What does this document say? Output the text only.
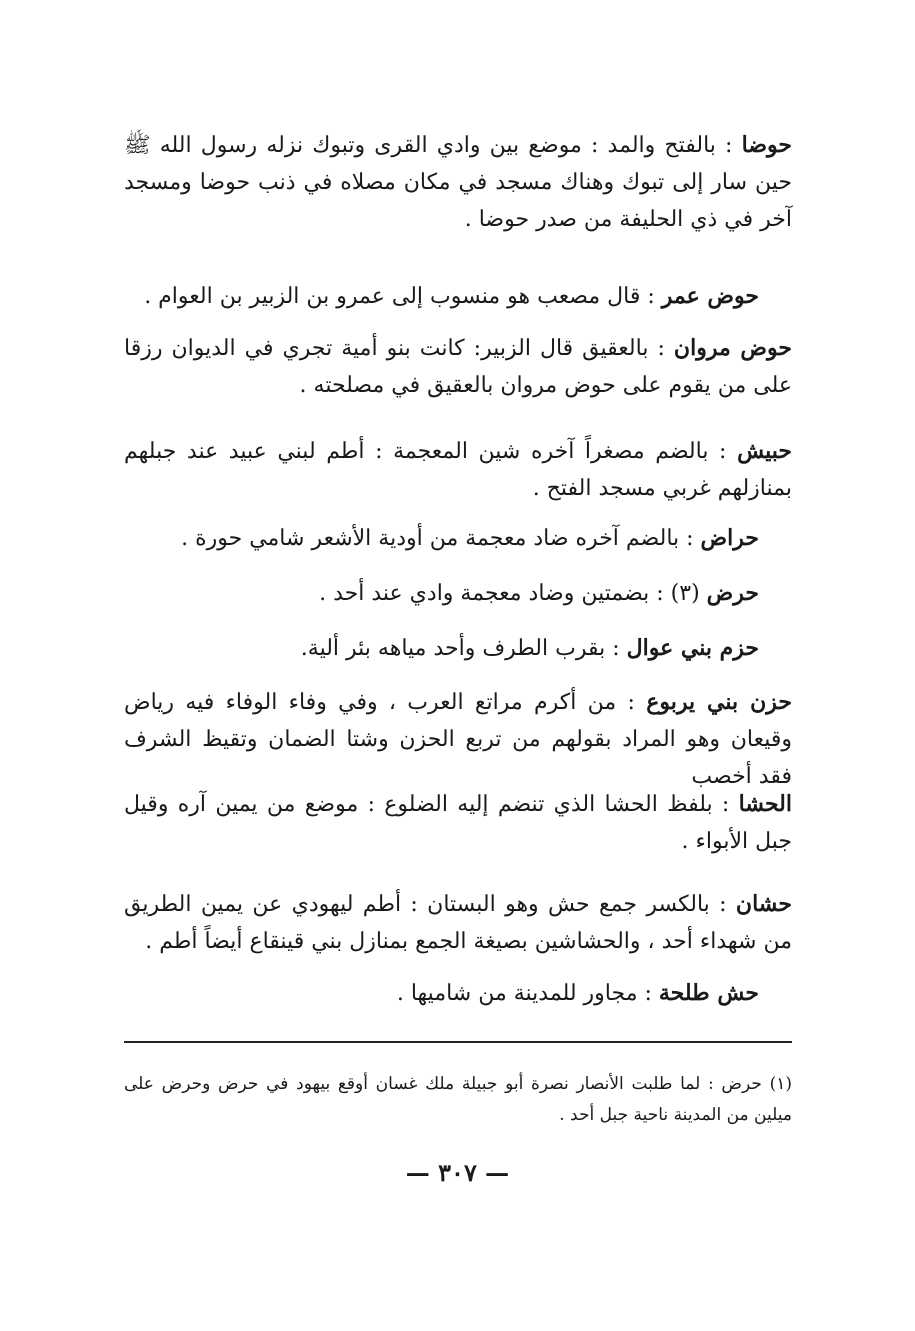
حوضا : بالفتح والمد : موضع بين وادي القرى وتبوك نزله رسول الله ﷺ حين سار إلى تبوك وهناك مسجد في مكان مصلاه في ذنب حوضا ومسجد آخر في ذي الحليفة من صدر حوضا .

حوض عمر : قال مصعب هو منسوب إلى عمرو بن الزبير بن العوام .

حوض مروان : بالعقيق قال الزبير: كانت بنو أمية تجري في الديوان رزقا على من يقوم على حوض مروان بالعقيق في مصلحته .

حبيش : بالضم مصغراً آخره شين المعجمة : أطم لبني عبيد عند جبلهم بمنازلهم غربي مسجد الفتح .

حراض : بالضم آخره ضاد معجمة من أودية الأشعر شامي حورة .

حرض (٣) : بضمتين وضاد معجمة وادي عند أحد .

حزم بني عوال : بقرب الطرف وأحد مياهه بئر ألية.

حزن بني يربوع : من أكرم مراتع العرب ، وفي وفاء الوفاء فيه رياض وقيعان وهو المراد بقولهم من تربع الحزن وشتا الضمان وتقيظ الشرف فقد أخصب

الحشا : بلفظ الحشا الذي تنضم إليه الضلوع : موضع من يمين آره وقيل جبل الأبواء .

حشان : بالكسر جمع حش وهو البستان : أطم ليهودي عن يمين الطريق من شهداء أحد ، والحشاشين بصيغة الجمع بمنازل بني قينقاع أيضاً أطم .

حش طلحة : مجاور للمدينة من شاميها .

(١) حرض : لما طلبت الأنصار نصرة أبو جبيلة ملك غسان أوقع بيهود في حرض وحرض على ميلين من المدينة ناحية جبل أحد .

— ٣٠٧ —
